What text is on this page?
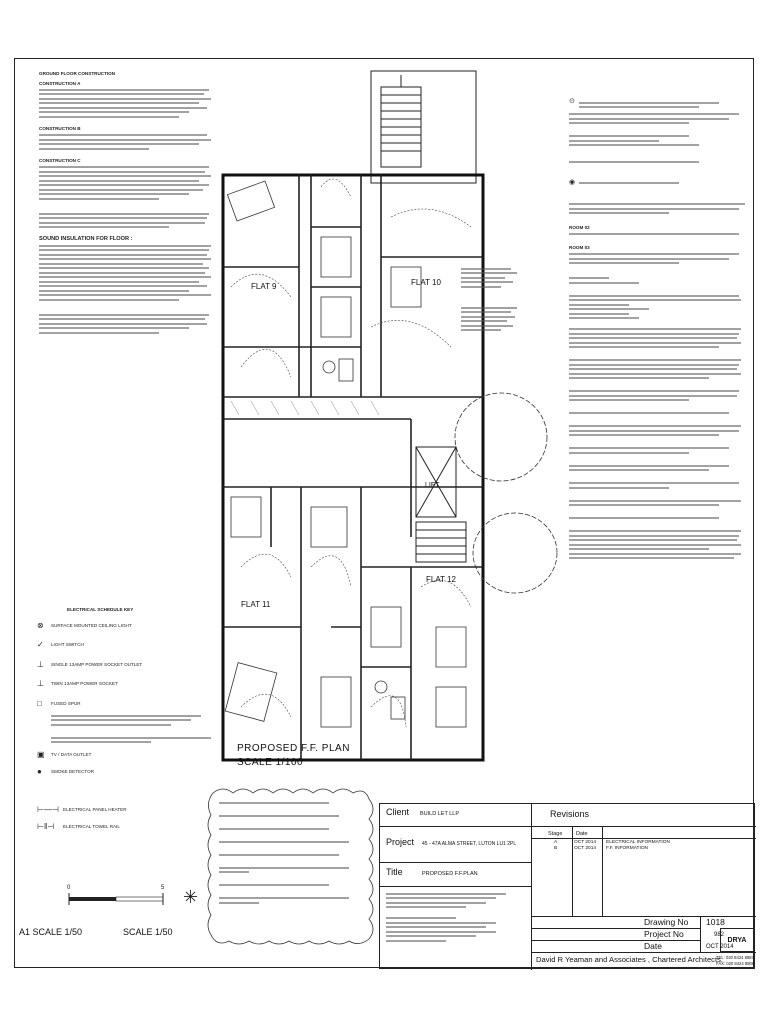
GROUND FLOOR CONSTRUCTION
CONSTRUCTION A
CONSTRUCTION B
CONSTRUCTION C
SOUND INSULATION FOR FLOOR :
ELECTRICAL SCHEDULE KEY
⊗	SURFACE MOUNTED CEILING LIGHT
✓	LIGHT SWITCH
⊥	SINGLE 13AMP POWER SOCKET OUTLET
⊥	TWIN 13AMP POWER SOCKET
□	FUSED SPUR
▣	TV / DATA OUTLET
●	SMOKE DETECTOR
⊢—⊣ ELECTRICAL PANEL HEATER
⊢‖⊣	ELECTRICAL TOWEL RAIL
FLAT 9	FLAT 10
FLAT 11
FLAT 12
LIFT
PROPOSED F.F. PLAN
SCALE 1/100
⊙
◉
ROOM 02
ROOM 03
0	5
A1 SCALE 1/50	SCALE 1/50
✳
Client BUILD LET LLP
Project 45 - 47A ALMA STREET, LUTON LU1 2PL
Title	PROPOSED F.F.PLAN
Revisions
Stage Date
A	OCT 2014 ELECTRICAL INFORMATION
B	OCT 2014 F.F. INFORMATION
Drawing No 1018
Project No	982
Date	OCT 2014
DRYA
David R Yeaman and Associates , Chartered Architects.
TEL: 020 8424 8887
FAX: 020 8424 8808
